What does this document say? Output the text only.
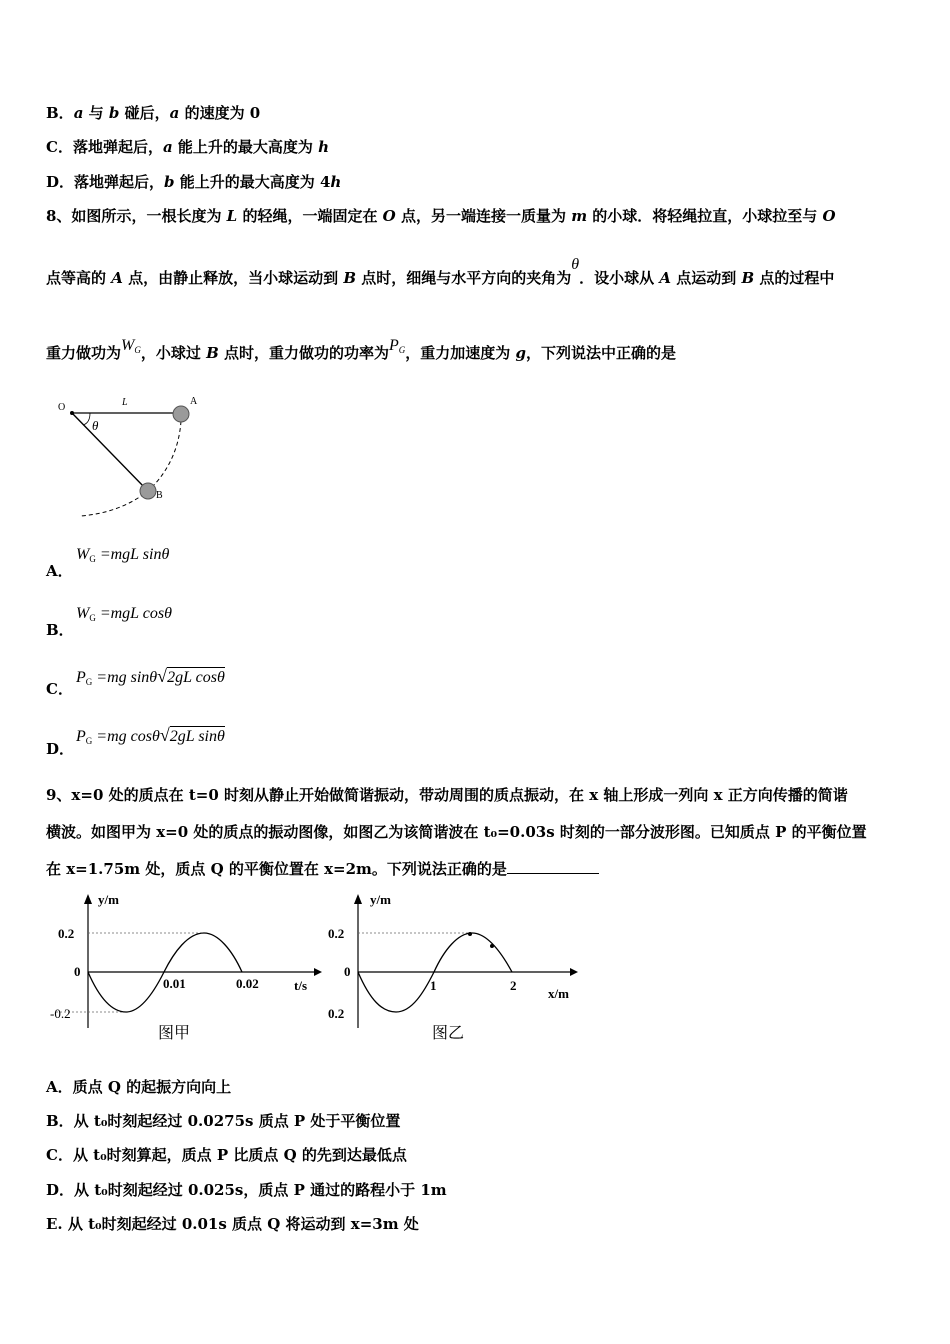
B．a 与 b 碰后，a 的速度为 0
C．落地弹起后，a 能上升的最大高度为 h
D．落地弹起后，b 能上升的最大高度为 4h
8、如图所示，一根长度为 L 的轻绳，一端固定在 O 点，另一端连接一质量为 m 的小球．将轻绳拉直，小球拉至与 O
点等高的 A 点，由静止释放，当小球运动到 B 点时，细绳与水平方向的夹角为θ．设小球从 A 点运动到 B 点的过程中
重力做功为$W_G$，小球过 B 点时，重力做功的功率为$P_G$，重力加速度为 g，下列说法中正确的是
O	L	A
θ
B
A．
$W_G =mgL$ sinθ
B．
$W_G =mgL$ cosθ
C．
$P_G =mg$ sinθ√2gL cosθ
D．
$P_G =mg$ cosθ√2gL sinθ
9、x=0 处的质点在 t=0 时刻从静止开始做简谐振动，带动周围的质点振动，在 x 轴上形成一列向 x 正方向传播的简谐
横波。如图甲为 x=0 处的质点的振动图像，如图乙为该简谐波在 t₀=0.03s 时刻的一部分波形图。已知质点 P 的平衡位置
在 x=1.75m 处，质点 Q 的平衡位置在 x=2m。下列说法正确的是
y/m
0.2
0
-0.2
0.01	0.02	t/s
图甲
y/m
0.2
0
0.2
1	2
x/m
图乙
A．质点 Q 的起振方向向上
B．从 t₀时刻起经过 0.0275s 质点 P 处于平衡位置
C．从 t₀时刻算起，质点 P 比质点 Q 的先到达最低点
D．从 t₀时刻起经过 0.025s，质点 P 通过的路程小于 1m
E. 从 t₀时刻起经过 0.01s 质点 Q 将运动到 x=3m 处
